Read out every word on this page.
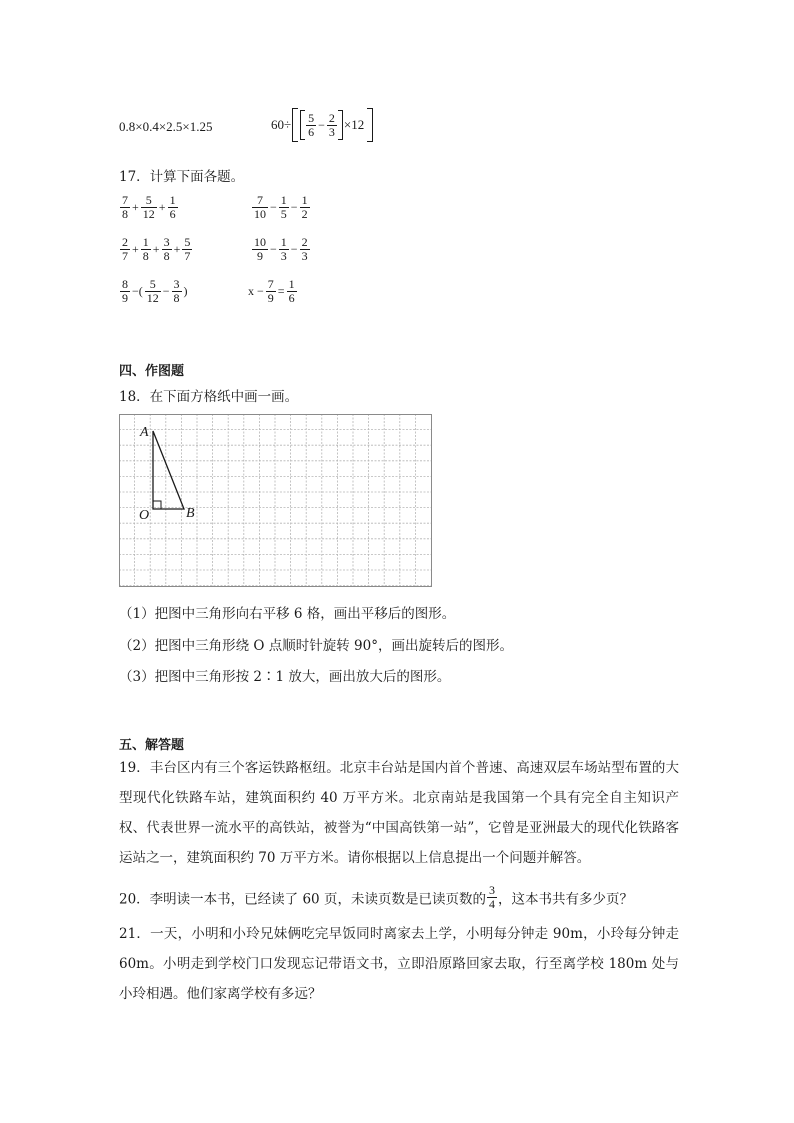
0.8×0.4×2.5×1.25	$60\div \frac{5}{6} - \frac{2}{3} \times 12$
17．计算下面各题。
$\frac{7}{8} + \frac{5}{12} + \frac{1}{6}$	$\frac{7}{10} - \frac{1}{5} - \frac{1}{2}$
$\frac{2}{7} + \frac{1}{8} + \frac{3}{8} + \frac{5}{7}$	$\frac{10}{9} - \frac{1}{3} - \frac{2}{3}$
$\frac{8}{9}$ −( $\frac{5}{12} - \frac{3}{8}$ )	$x - \frac{7}{9} = \frac{1}{6}$
四、作图题
18．在下面方格纸中画一画。
A
O	B
（1）把图中三角形向右平移 6 格，画出平移后的图形。
（2）把图中三角形绕 O 点顺时针旋转 90°，画出旋转后的图形。
（3）把图中三角形按 2∶1 放大，画出放大后的图形。
五、解答题
19．丰台区内有三个客运铁路枢纽。北京丰台站是国内首个普速、高速双层车场站型布置的大型现代化铁路车站，建筑面积约 40 万平方米。北京南站是我国第一个具有完全自主知识产权、代表世界一流水平的高铁站，被誉为“中国高铁第一站”，它曾是亚洲最大的现代化铁路客运站之一，建筑面积约 70 万平方米。请你根据以上信息提出一个问题并解答。
20．李明读一本书，已经读了 60 页，未读页数是已读页数的 $\frac{3}{4}$ ，这本书共有多少页？
21．一天，小明和小玲兄妹俩吃完早饭同时离家去上学，小明每分钟走 90m，小玲每分钟走 60m。小明走到学校门口发现忘记带语文书，立即沿原路回家去取，行至离学校 180m 处与小玲相遇。他们家离学校有多远？
